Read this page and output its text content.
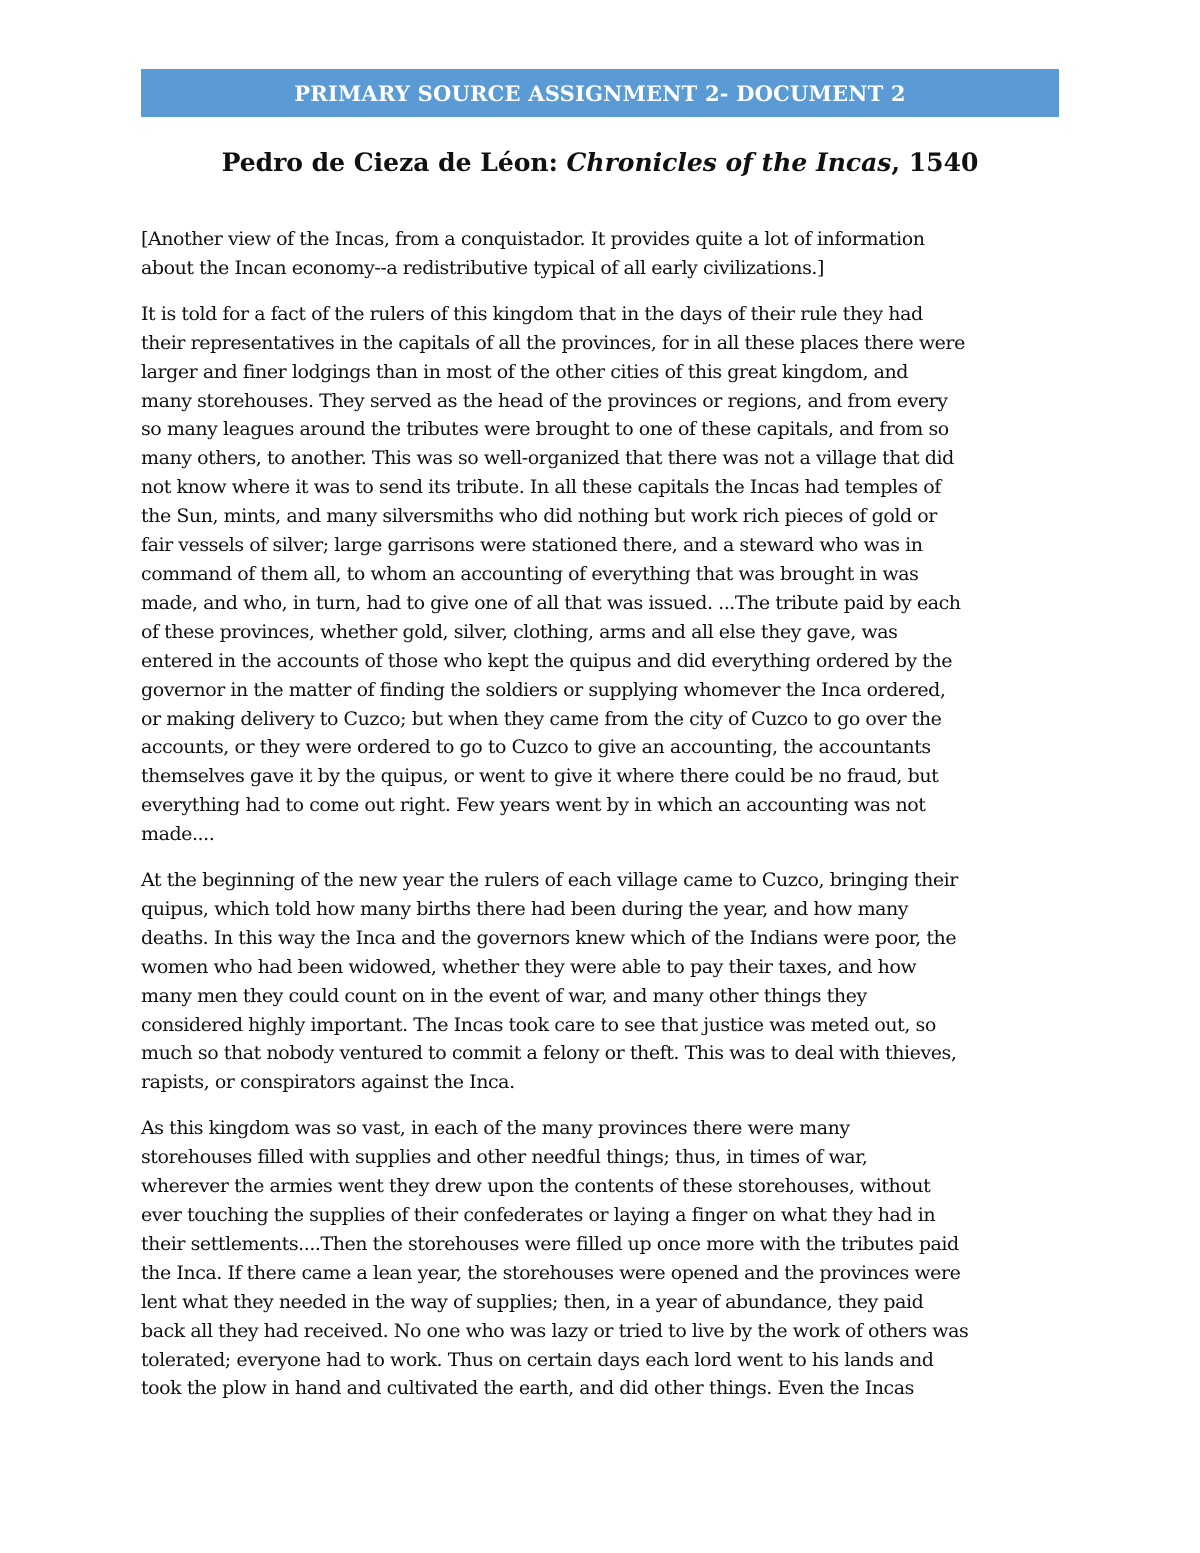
PRIMARY SOURCE ASSIGNMENT 2- DOCUMENT 2
Pedro de Cieza de Léon: Chronicles of the Incas, 1540

[Another view of the Incas, from a conquistador. It provides quite a lot of information
about the Incan economy--a redistributive typical of all early civilizations.]

It is told for a fact of the rulers of this kingdom that in the days of their rule they had
their representatives in the capitals of all the provinces, for in all these places there were
larger and finer lodgings than in most of the other cities of this great kingdom, and
many storehouses. They served as the head of the provinces or regions, and from every
so many leagues around the tributes were brought to one of these capitals, and from so
many others, to another. This was so well-organized that there was not a village that did
not know where it was to send its tribute. In all these capitals the Incas had temples of
the Sun, mints, and many silversmiths who did nothing but work rich pieces of gold or
fair vessels of silver; large garrisons were stationed there, and a steward who was in
command of them all, to whom an accounting of everything that was brought in was
made, and who, in turn, had to give one of all that was issued. ...The tribute paid by each
of these provinces, whether gold, silver, clothing, arms and all else they gave, was
entered in the accounts of those who kept the quipus and did everything ordered by the
governor in the matter of finding the soldiers or supplying whomever the Inca ordered,
or making delivery to Cuzco; but when they came from the city of Cuzco to go over the
accounts, or they were ordered to go to Cuzco to give an accounting, the accountants
themselves gave it by the quipus, or went to give it where there could be no fraud, but
everything had to come out right. Few years went by in which an accounting was not
made....

At the beginning of the new year the rulers of each village came to Cuzco, bringing their
quipus, which told how many births there had been during the year, and how many
deaths. In this way the Inca and the governors knew which of the Indians were poor, the
women who had been widowed, whether they were able to pay their taxes, and how
many men they could count on in the event of war, and many other things they
considered highly important. The Incas took care to see that justice was meted out, so
much so that nobody ventured to commit a felony or theft. This was to deal with thieves,
rapists, or conspirators against the Inca.

As this kingdom was so vast, in each of the many provinces there were many
storehouses filled with supplies and other needful things; thus, in times of war,
wherever the armies went they drew upon the contents of these storehouses, without
ever touching the supplies of their confederates or laying a finger on what they had in
their settlements....Then the storehouses were filled up once more with the tributes paid
the Inca. If there came a lean year, the storehouses were opened and the provinces were
lent what they needed in the way of supplies; then, in a year of abundance, they paid
back all they had received. No one who was lazy or tried to live by the work of others was
tolerated; everyone had to work. Thus on certain days each lord went to his lands and
took the plow in hand and cultivated the earth, and did other things. Even the Incas
